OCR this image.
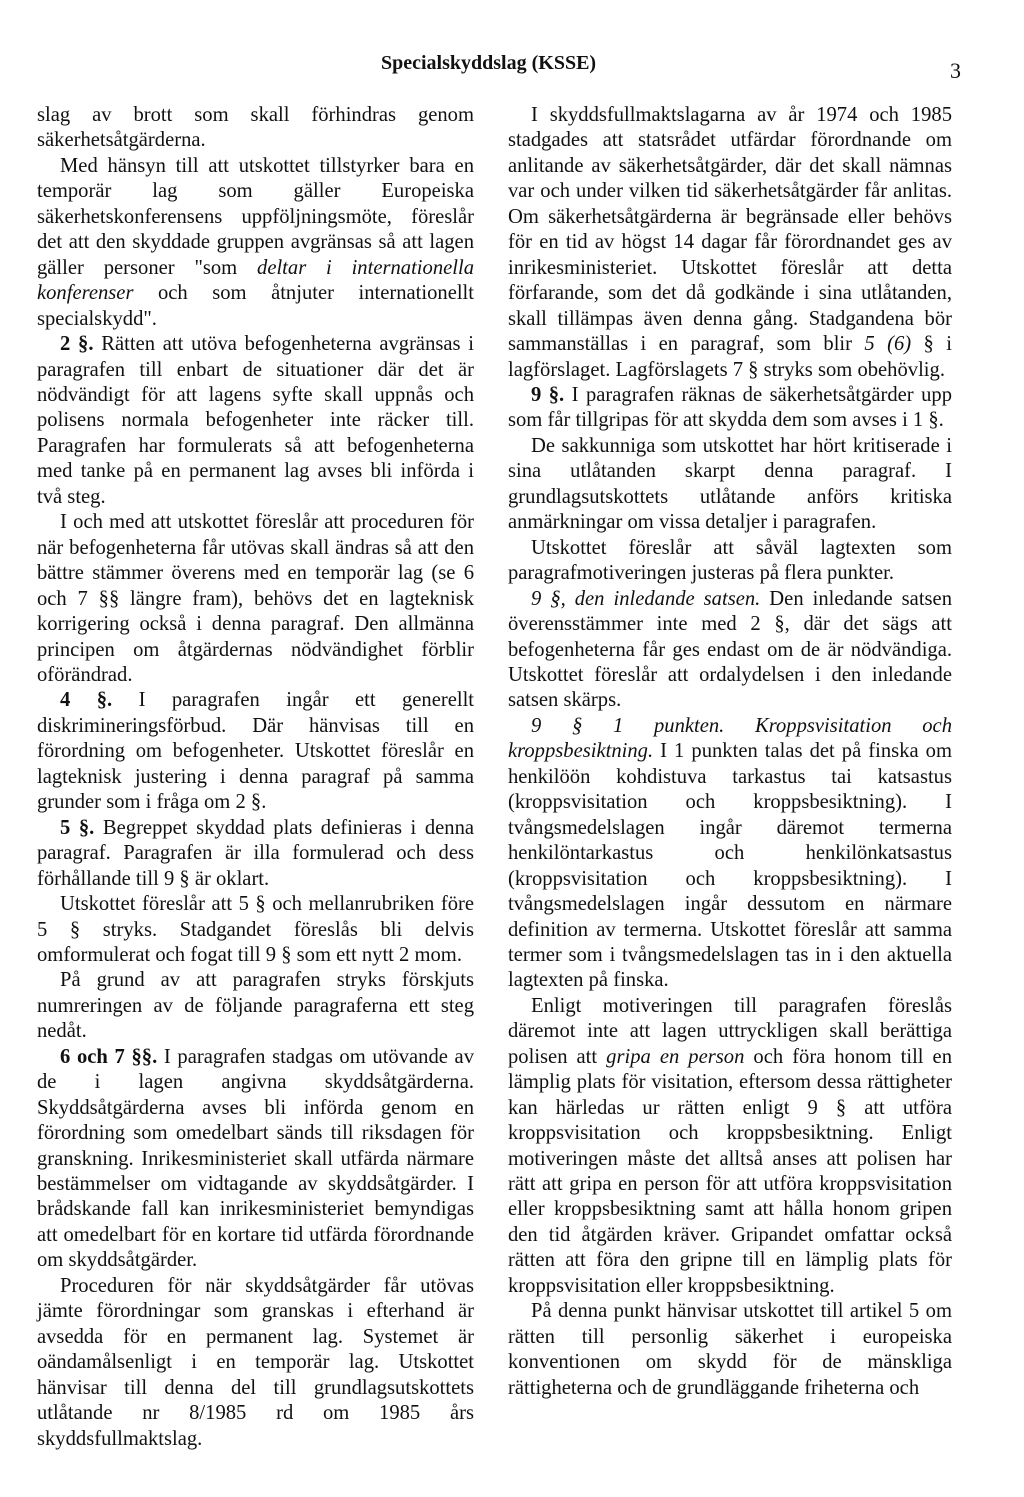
Specialskyddslag (KSSE)	3

slag av brott som skall förhindras genom säkerhetsåtgärderna.

Med hänsyn till att utskottet tillstyrker bara en temporär lag som gäller Europeiska säkerhetskonferensens uppföljningsmöte, föreslår det att den skyddade gruppen avgränsas så att lagen gäller personer "som deltar i internationella konferenser och som åtnjuter internationellt specialskydd".

2 §. Rätten att utöva befogenheterna avgränsas i paragrafen till enbart de situationer där det är nödvändigt för att lagens syfte skall uppnås och polisens normala befogenheter inte räcker till. Paragrafen har formulerats så att befogenheterna med tanke på en permanent lag avses bli införda i två steg.

I och med att utskottet föreslår att proceduren för när befogenheterna får utövas skall ändras så att den bättre stämmer överens med en temporär lag (se 6 och 7 §§ längre fram), behövs det en lagteknisk korrigering också i denna paragraf. Den allmänna principen om åtgärdernas nödvändighet förblir oförändrad.

4 §. I paragrafen ingår ett generellt diskrimineringsförbud. Där hänvisas till en förordning om befogenheter. Utskottet föreslår en lagteknisk justering i denna paragraf på samma grunder som i fråga om 2 §.

5 §. Begreppet skyddad plats definieras i denna paragraf. Paragrafen är illa formulerad och dess förhållande till 9 § är oklart.

Utskottet föreslår att 5 § och mellanrubriken före 5 § stryks. Stadgandet föreslås bli delvis omformulerat och fogat till 9 § som ett nytt 2 mom.

På grund av att paragrafen stryks förskjuts numreringen av de följande paragraferna ett steg nedåt.

6 och 7 §§. I paragrafen stadgas om utövande av de i lagen angivna skyddsåtgärderna. Skyddsåtgärderna avses bli införda genom en förordning som omedelbart sänds till riksdagen för granskning. Inrikesministeriet skall utfärda närmare bestämmelser om vidtagande av skyddsåtgärder. I brådskande fall kan inrikesministeriet bemyndigas att omedelbart för en kortare tid utfärda förordnande om skyddsåtgärder.

Proceduren för när skyddsåtgärder får utövas jämte förordningar som granskas i efterhand är avsedda för en permanent lag. Systemet är oändamålsenligt i en temporär lag. Utskottet hänvisar till denna del till grundlagsutskottets utlåtande nr 8/1985 rd om 1985 års skyddsfullmaktslag.

I skyddsfullmaktslagarna av år 1974 och 1985 stadgades att statsrådet utfärdar förordnande om anlitande av säkerhetsåtgärder, där det skall nämnas var och under vilken tid säkerhetsåtgärder får anlitas. Om säkerhetsåtgärderna är begränsade eller behövs för en tid av högst 14 dagar får förordnandet ges av inrikesministeriet. Utskottet föreslår att detta förfarande, som det då godkände i sina utlåtanden, skall tillämpas även denna gång. Stadgandena bör sammanställas i en paragraf, som blir 5 (6) § i lagförslaget. Lagförslagets 7 § stryks som obehövlig.

9 §. I paragrafen räknas de säkerhetsåtgärder upp som får tillgripas för att skydda dem som avses i 1 §.

De sakkunniga som utskottet har hört kritiserade i sina utlåtanden skarpt denna paragraf. I grundlagsutskottets utlåtande anförs kritiska anmärkningar om vissa detaljer i paragrafen.

Utskottet föreslår att såväl lagtexten som paragrafmotiveringen justeras på flera punkter.

9 §, den inledande satsen. Den inledande satsen överensstämmer inte med 2 §, där det sägs att befogenheterna får ges endast om de är nödvändiga. Utskottet föreslår att ordalydelsen i den inledande satsen skärps.

9 § 1 punkten. Kroppsvisitation och kroppsbesiktning. I 1 punkten talas det på finska om henkilöön kohdistuva tarkastus tai katsastus (kroppsvisitation och kroppsbesiktning). I tvångsmedelslagen ingår däremot termerna henkilöntarkastus och henkilönkatsastus (kroppsvisitation och kroppsbesiktning). I tvångsmedelslagen ingår dessutom en närmare definition av termerna. Utskottet föreslår att samma termer som i tvångsmedelslagen tas in i den aktuella lagtexten på finska.

Enligt motiveringen till paragrafen föreslås däremot inte att lagen uttryckligen skall berättiga polisen att gripa en person och föra honom till en lämplig plats för visitation, eftersom dessa rättigheter kan härledas ur rätten enligt 9 § att utföra kroppsvisitation och kroppsbesiktning. Enligt motiveringen måste det alltså anses att polisen har rätt att gripa en person för att utföra kroppsvisitation eller kroppsbesiktning samt att hålla honom gripen den tid åtgärden kräver. Gripandet omfattar också rätten att föra den gripne till en lämplig plats för kroppsvisitation eller kroppsbesiktning.

På denna punkt hänvisar utskottet till artikel 5 om rätten till personlig säkerhet i europeiska konventionen om skydd för de mänskliga rättigheterna och de grundläggande friheterna och
